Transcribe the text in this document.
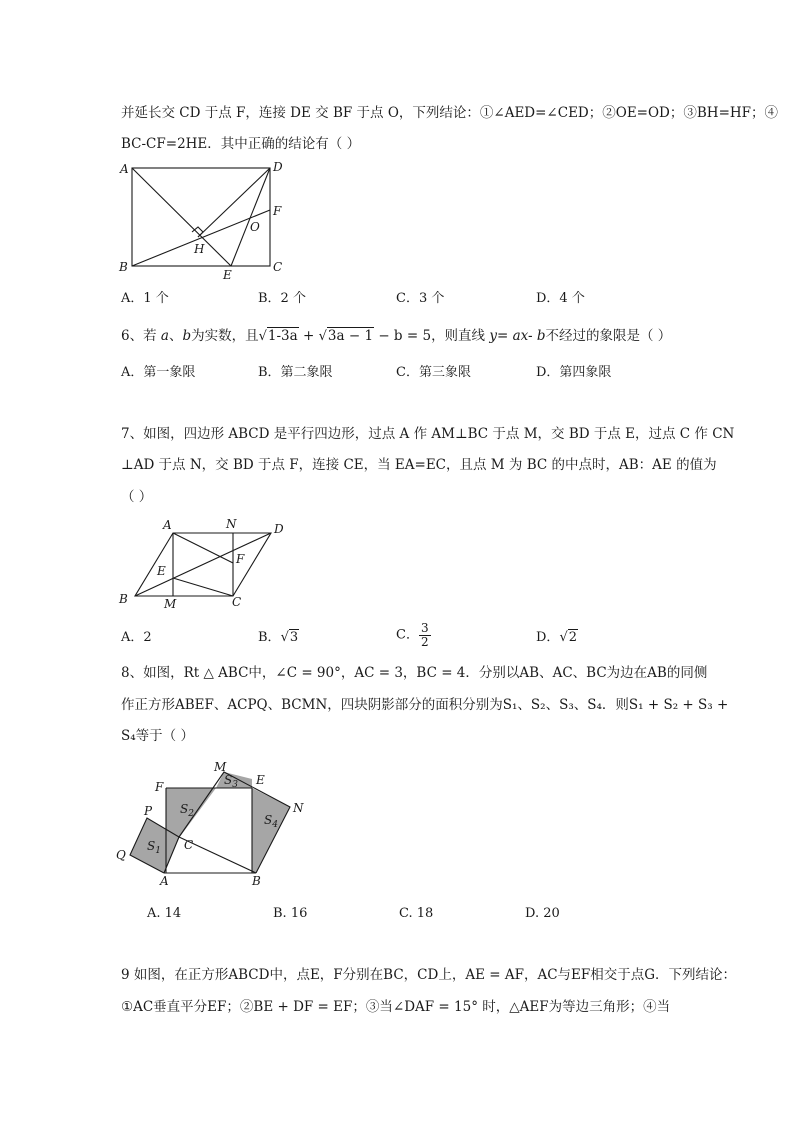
并延长交 CD 于点 F，连接 DE 交 BF 于点 O，下列结论：①∠AED=∠CED；②OE=OD；③BH=HF；④
BC-CF=2HE．其中正确的结论有（ ）
A	D
F
O
H
B
E
C
A．1 个	B．2 个	C．3 个	D．4 个
6、若 a、b为实数，且√1-3a + √3a − 1 − b = 5，则直线 y= ax- b不经过的象限是（ ）
A．第一象限	B．第二象限	C．第三象限	D．第四象限
7、如图，四边形 ABCD 是平行四边形，过点 A 作 AM⊥BC 于点 M，交 BD 于点 E，过点 C 作 CN
⊥AD 于点 N，交 BD 于点 F，连接 CE，当 EA=EC，且点 M 为 BC 的中点时，AB：AE 的值为
（ ）
A	N	D
F
E
B	M	C
A．2	B．√3	C． $\frac{3}{2}$	D．√2
8、如图，Rt △ ABC中，∠C = 90°，AC = 3，BC = 4．分别以AB、AC、BC为边在AB的同侧
作正方形ABEF、ACPQ、BCMN，四块阴影部分的面积分别为S₁、S₂、S₃、S₄．则S₁ + S₂ + S₃ +
S₄等于（ ）
M
E
F
N
P
Q
C
A	B
$S_1$
$S_2$
$S_3$
$S_4$
A. 14	B. 16	C. 18	D. 20
9 如图，在正方形ABCD中，点E，F分别在BC，CD上，AE = AF，AC与EF相交于点G．下列结论：
①AC垂直平分EF；②BE + DF = EF；③当∠DAF = 15° 时，△AEF为等边三角形；④当
